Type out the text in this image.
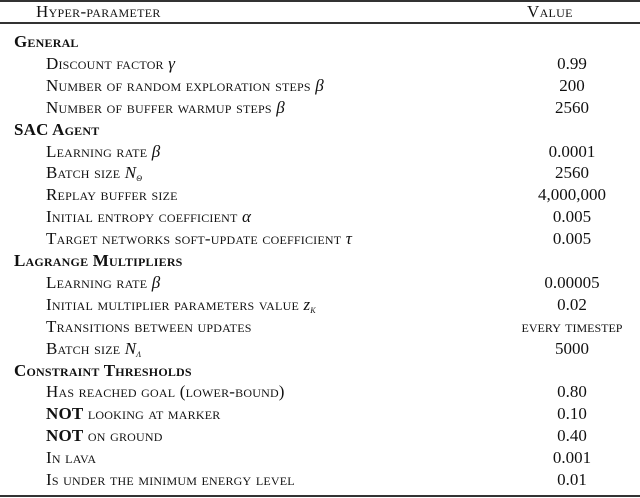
Hyper-parameter	Value
General
Discount factor γ	0.99
Number of random exploration steps β	200
Number of buffer warmup steps β	2560
SAC Agent
Learning rate β	0.0001
Batch size $N_\theta$	2560
Replay buffer size	4,000,000
Initial entropy coefficient α	0.005
Target networks soft-update coefficient τ	0.005
Lagrange Multipliers
Learning rate β	0.00005
Initial multiplier parameters value $z_k$	0.02
Transitions between updates	every timestep
Batch size $N_\lambda$	5000
Constraint Thresholds
Has reached goal (lower-bound)	0.80
NOT looking at marker	0.10
NOT on ground	0.40
In lava	0.001
Is under the minimum energy level	0.01
